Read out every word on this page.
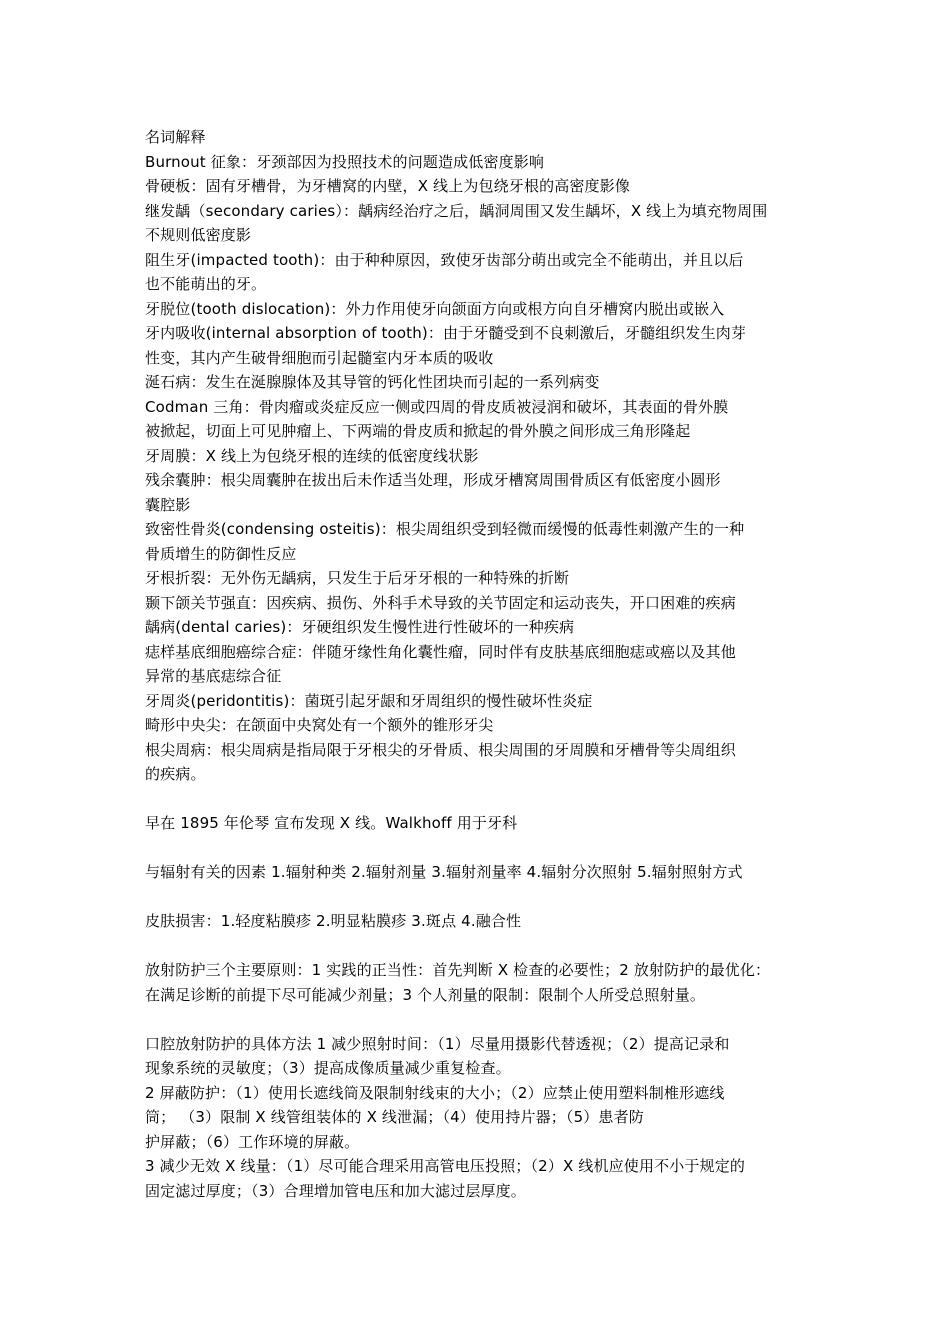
名词解释
Burnout 征象：牙颈部因为投照技术的问题造成低密度影响
骨硬板：固有牙槽骨，为牙槽窝的内壁，X 线上为包绕牙根的高密度影像
继发龋（secondary caries）：龋病经治疗之后，龋洞周围又发生龋坏，X 线上为填充物周围
不规则低密度影
阻生牙(impacted tooth)：由于种种原因，致使牙齿部分萌出或完全不能萌出，并且以后
也不能萌出的牙。
牙脱位(tooth dislocation)：外力作用使牙向颌面方向或根方向自牙槽窝内脱出或嵌入
牙内吸收(internal absorption of tooth)：由于牙髓受到不良刺激后，牙髓组织发生肉芽
性变，其内产生破骨细胞而引起髓室内牙本质的吸收
涎石病：发生在涎腺腺体及其导管的钙化性团块而引起的一系列病变
Codman 三角：骨肉瘤或炎症反应一侧或四周的骨皮质被浸润和破坏，其表面的骨外膜
被掀起，切面上可见肿瘤上、下两端的骨皮质和掀起的骨外膜之间形成三角形隆起
牙周膜：X 线上为包绕牙根的连续的低密度线状影
残余囊肿：根尖周囊肿在拔出后未作适当处理，形成牙槽窝周围骨质区有低密度小圆形
囊腔影
致密性骨炎(condensing osteitis)：根尖周组织受到轻微而缓慢的低毒性刺激产生的一种
骨质增生的防御性反应
牙根折裂：无外伤无龋病，只发生于后牙牙根的一种特殊的折断
颞下颌关节强直：因疾病、损伤、外科手术导致的关节固定和运动丧失，开口困难的疾病
龋病(dental caries)：牙硬组织发生慢性进行性破坏的一种疾病
痣样基底细胞癌综合症：伴随牙缘性角化囊性瘤，同时伴有皮肤基底细胞痣或癌以及其他
异常的基底痣综合征
牙周炎(peridontitis)：菌斑引起牙龈和牙周组织的慢性破坏性炎症
畸形中央尖：在颌面中央窝处有一个额外的锥形牙尖
根尖周病：根尖周病是指局限于牙根尖的牙骨质、根尖周围的牙周膜和牙槽骨等尖周组织
的疾病。
早在 1895 年伦琴 宣布发现 X 线。Walkhoff 用于牙科
与辐射有关的因素 1.辐射种类 2.辐射剂量 3.辐射剂量率 4.辐射分次照射 5.辐射照射方式
皮肤损害：1.轻度粘膜疹 2.明显粘膜疹 3.斑点 4.融合性
放射防护三个主要原则：1 实践的正当性：首先判断 X 检查的必要性；2 放射防护的最优化：
在满足诊断的前提下尽可能减少剂量；3 个人剂量的限制：限制个人所受总照射量。
口腔放射防护的具体方法 1 减少照射时间：（1）尽量用摄影代替透视；（2）提高记录和
现象系统的灵敏度；（3）提高成像质量减少重复检查。
2 屏蔽防护：（1）使用长遮线筒及限制射线束的大小；（2）应禁止使用塑料制椎形遮线
筒； （3）限制 X 线管组装体的 X 线泄漏；（4）使用持片器；（5）患者防
护屏蔽；（6）工作环境的屏蔽。
3 减少无效 X 线量：（1）尽可能合理采用高管电压投照；（2）X 线机应使用不小于规定的
固定滤过厚度；（3）合理增加管电压和加大滤过层厚度。
